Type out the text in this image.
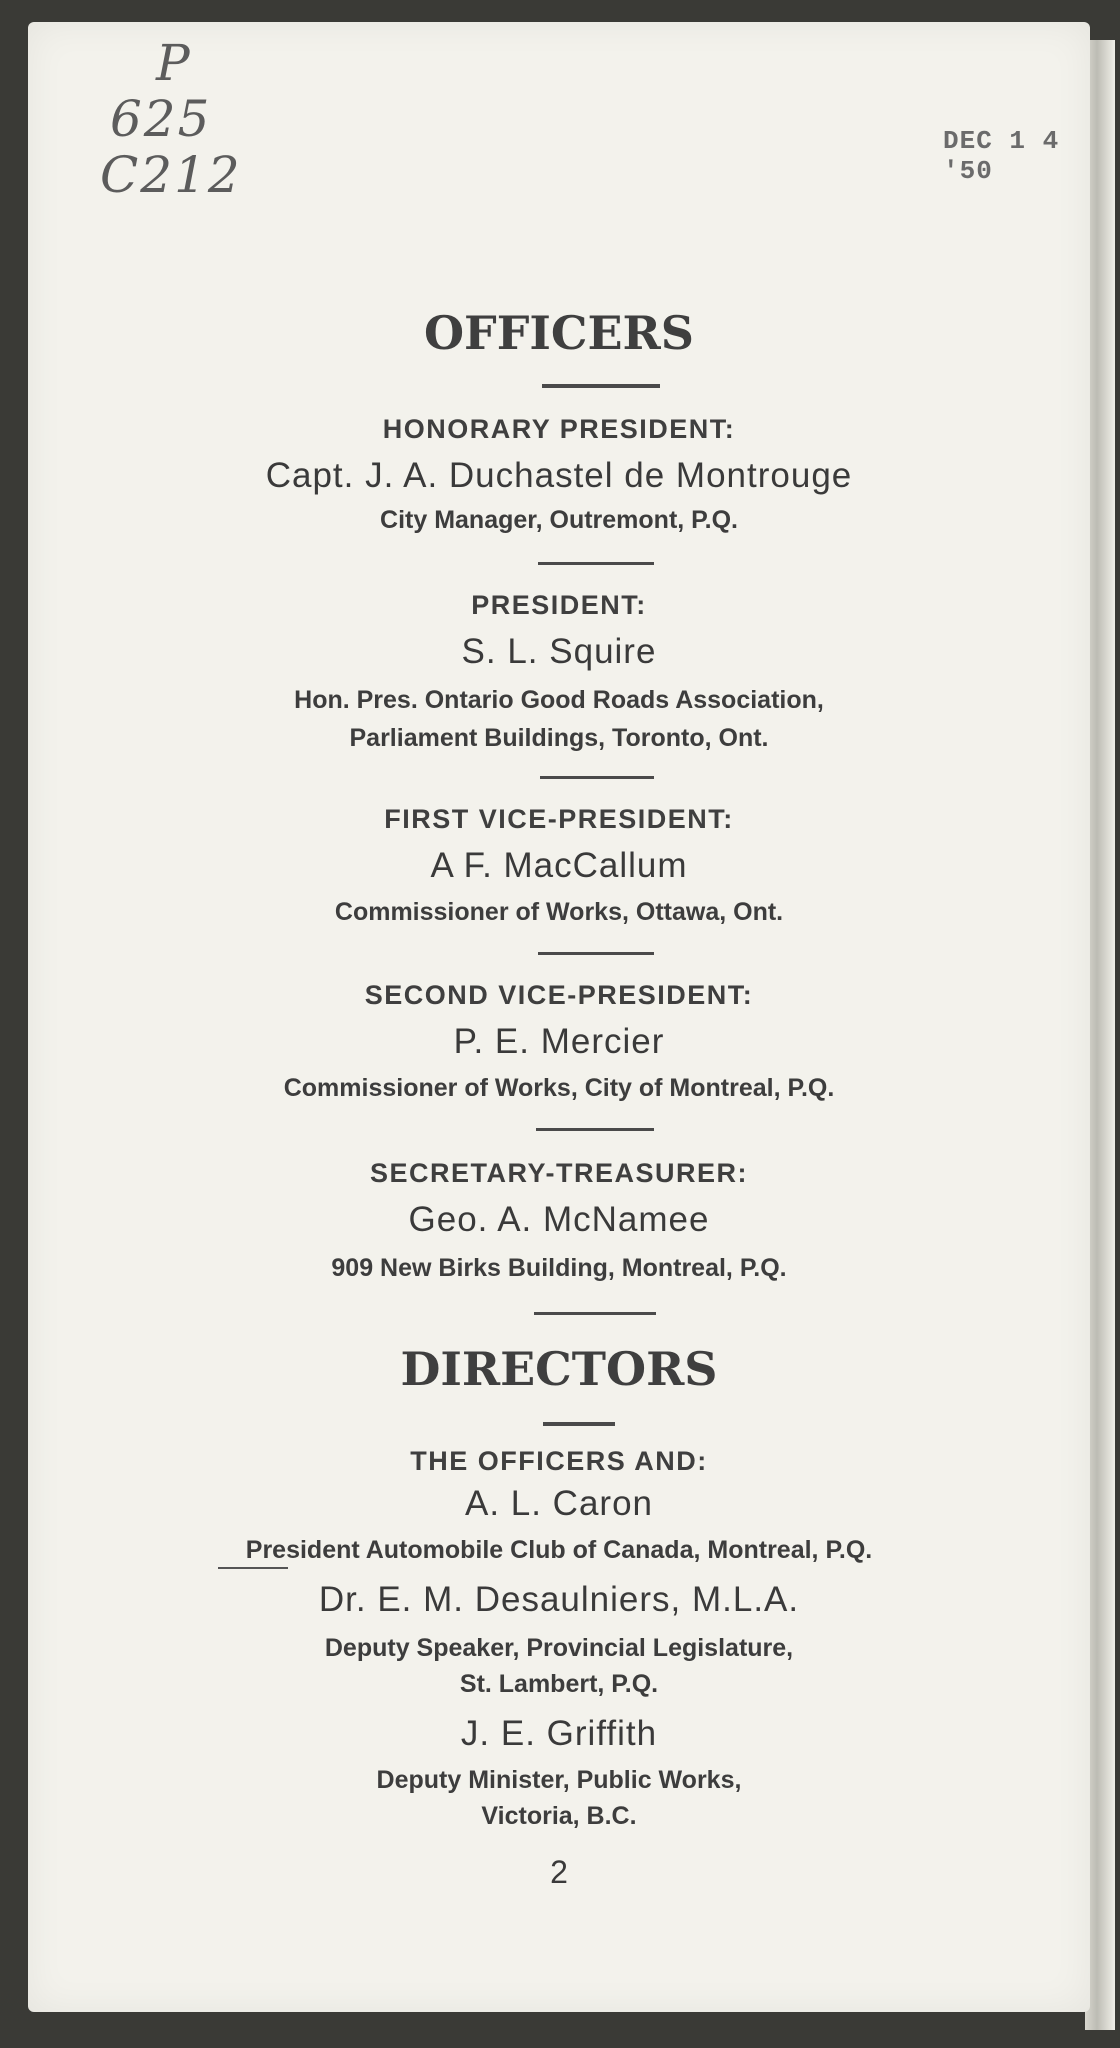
P
625
C212
DEC 1 4 '50
OFFICERS
HONORARY PRESIDENT:
Capt. J. A. Duchastel de Montrouge
City Manager, Outremont, P.Q.
PRESIDENT:
S. L. Squire
Hon. Pres. Ontario Good Roads Association,
Parliament Buildings, Toronto, Ont.
FIRST VICE-PRESIDENT:
A F. MacCallum
Commissioner of Works, Ottawa, Ont.
SECOND VICE-PRESIDENT:
P. E. Mercier
Commissioner of Works, City of Montreal, P.Q.
SECRETARY-TREASURER:
Geo. A. McNamee
909 New Birks Building, Montreal, P.Q.
DIRECTORS
THE OFFICERS AND:
A. L. Caron
President Automobile Club of Canada, Montreal, P.Q.
Dr. E. M. Desaulniers, M.L.A.
Deputy Speaker, Provincial Legislature,
St. Lambert, P.Q.
J. E. Griffith
Deputy Minister, Public Works,
Victoria, B.C.
2
